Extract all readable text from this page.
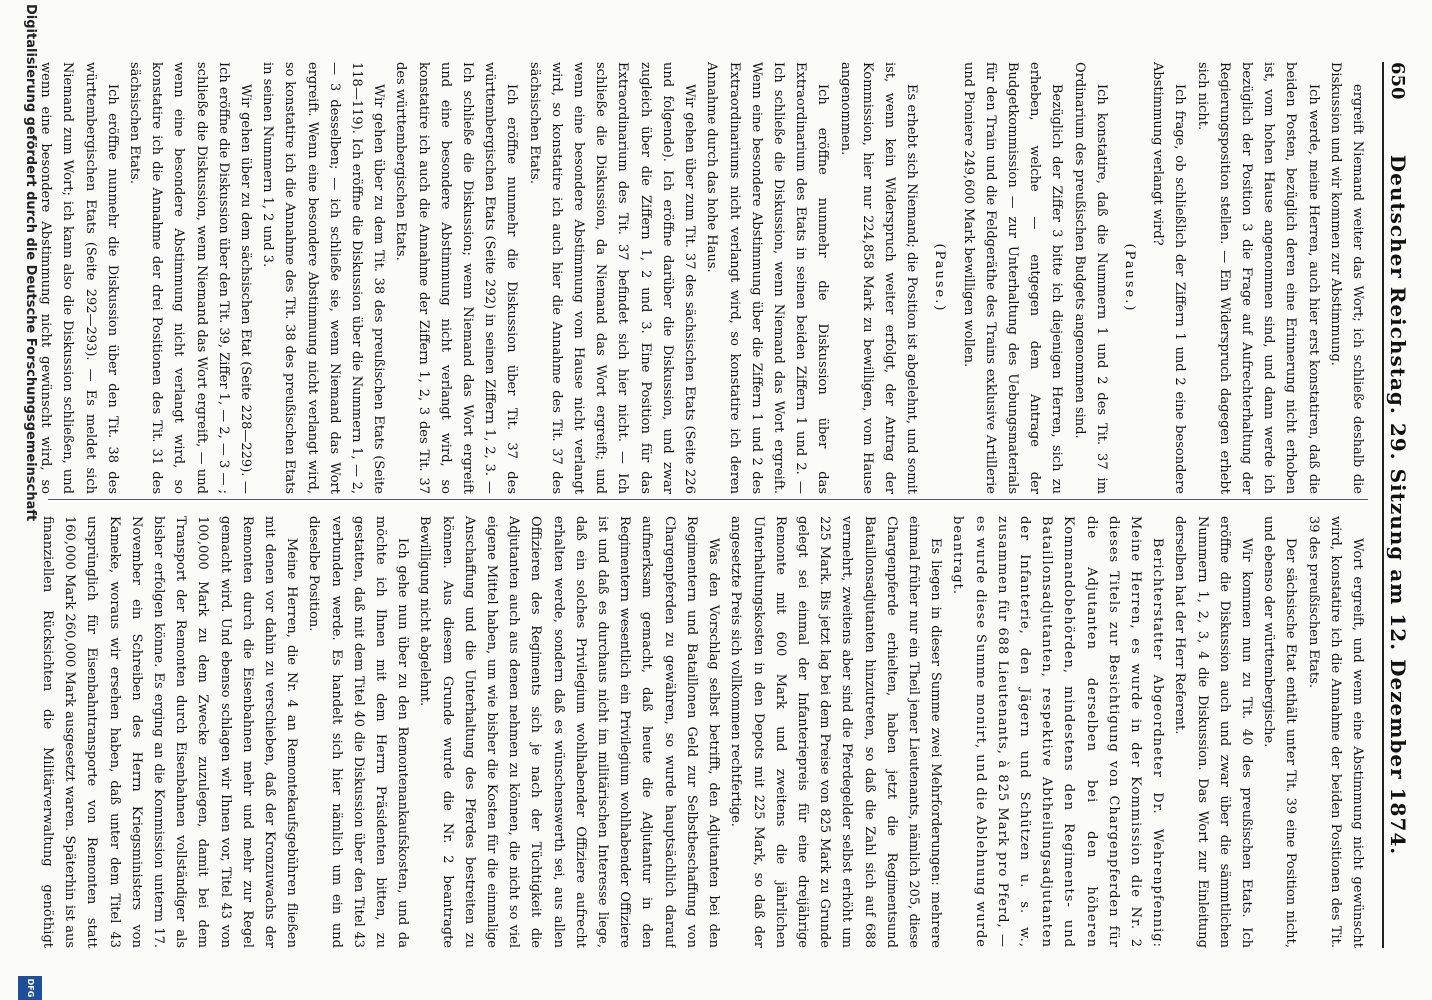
650
Deutscher Reichstag. 29. Sitzung am 12. Dezember 1874.

ergreift Niemand weiter das Wort; ich schließe deshalb die Diskussion und wir kommen zur Abstimmung.

Ich werde, meine Herren, auch hier erst konstatiren, daß die beiden Posten, bezüglich deren eine Erinnerung nicht erhoben ist, vom hohen Hause angenommen sind, und dann werde ich bezüglich der Position 3 die Frage auf Aufrechterhaltung der Regierungsposition stellen. — Ein Widerspruch dagegen erhebt sich nicht.

Ich frage, ob schließlich der Ziffern 1 und 2 eine besondere Abstimmung verlangt wird?

(Pause.)

Ich konstatire, daß die Nummern 1 und 2 des Tit. 37 im Ordinarium des preußischen Budgets angenommen sind.

Bezüglich der Ziffer 3 bitte ich diejenigen Herren, sich zu erheben, welche — entgegen dem Antrage der Budgetkommission — zur Unterhaltung des Uebungsmaterials für den Train und die Feldgeräthe des Trains exklusive Artillerie und Pioniere 249,600 Mark bewilligen wollen.

(Pause.)

Es erhebt sich Niemand; die Position ist abgelehnt, und somit ist, wenn kein Widerspruch weiter erfolgt, der Antrag der Kommission, hier nur 224,858 Mark zu bewilligen, vom Hause angenommen.

Ich eröffne nunmehr die Diskussion über das Extraordinarium des Etats in seinen beiden Ziffern 1 und 2. — Ich schließe die Diskussion, wenn Niemand das Wort ergreift. Wenn eine besondere Abstimmung über die Ziffern 1 und 2 des Extraordinariums nicht verlangt wird, so konstatire ich deren Annahme durch das hohe Haus.

Wir gehen über zum Tit. 37 des sächsischen Etats (Seite 226 und folgende). Ich eröffne darüber die Diskussion, und zwar zugleich über die Ziffern 1, 2 und 3. Eine Position für das Extraordinarium des Tit. 37 befindet sich hier nicht. — Ich schließe die Diskussion, da Niemand das Wort ergreift; und wenn eine besondere Abstimmung vom Hause nicht verlangt wird, so konstatire ich auch hier die Annahme des Tit. 37 des sächsischen Etats.

Ich eröffne nunmehr die Diskussion über Tit. 37 des württembergischen Etats (Seite 292) in seinen Ziffern 1, 2, 3. — Ich schließe die Diskussion; wenn Niemand das Wort ergreift und eine besondere Abstimmung nicht verlangt wird, so konstatire ich auch die Annahme der Ziffern 1, 2, 3 des Tit. 37 des württembergischen Etats.

Wir gehen über zu dem Tit. 38 des preußischen Etats (Seite 118—119). Ich eröffne die Diskussion über die Nummern 1, — 2, — 3 desselben; — ich schließe sie, wenn Niemand das Wort ergreift. Wenn eine besondere Abstimmung nicht verlangt wird, so konstatire ich die Annahme des Tit. 38 des preußischen Etats in seinen Nummern 1, 2 und 3.

Wir gehen über zu dem sächsischen Etat (Seite 228—229). — Ich eröffne die Diskussion über den Tit. 39, Ziffer 1, — 2, — 3 — ; schließe die Diskussion, wenn Niemand das Wort ergreift, — und wenn eine besondere Abstimmung nicht verlangt wird, so konstatire ich die Annahme der drei Positionen des Tit. 31 des sächsischen Etats.

Ich eröffne nunmehr die Diskussion über den Tit. 38 des württembergischen Etats (Seite 292—293). — Es meldet sich Niemand zum Wort; ich kann also die Diskussion schließen, und wenn eine besondere Abstimmung nicht gewünscht wird, so

Wort ergreift, und wenn eine Abstimmung nicht gewünscht wird, konstatire ich die Annahme der beiden Positionen des Tit. 39 des preußischen Etats.

Der sächsische Etat enthält unter Tit. 39 eine Position nicht, und ebenso der württembergische.

Wir kommen nun zu Tit. 40 des preußischen Etats. Ich eröffne die Diskussion auch und zwar über die sämmtlichen Nummern 1, 2, 3, 4 die Diskussion. Das Wort zur Einleitung derselben hat der Herr Referent.

Berichterstatter Abgeordneter Dr. Wehrenpfennig: Meine Herren, es wurde in der Kommission die Nr. 2 dieses Titels zur Besichtigung von Chargenpferden für die Adjutanten derselben bei den höheren Kommandobehörden, mindestens den Regiments- und Bataillonsadjutanten, respektive Abtheilungsadjutanten der Infanterie, den Jägern und Schützen u. s. w., zusammen für 688 Lieutenants, à 825 Mark pro Pferd, — es wurde diese Summe monirt, und die Ablehnung wurde beantragt.

Es liegen in dieser Summe zwei Mehrforderungen: mehrere einmal früher nur ein Theil jener Lieutenants, nämlich 205, diese Chargenpferde erhielten, haben jetzt die Regimentsund Bataillonsadjutanten hinzutreten, so daß die Zahl sich auf 688 vermehrt, zweitens aber sind die Pferdegelder selbst erhöht um 225 Mark. Bis jetzt lag bei dem Preise von 825 Mark zu Grunde gelegt sei einmal der Infanteriepreis für eine dreijährige Remonte mit 600 Mark und zweitens die jährlichen Unterhaltungskosten in den Depots mit 225 Mark, so daß der angesetzte Preis sich vollkommen rechtfertige.

Was den Vorschlag selbst betrifft, den Adjutanten bei den Regimentern und Bataillonen Geld zur Selbstbeschaffung von Chargenpferden zu gewähren, so wurde hauptsächlich darauf aufmerksam gemacht, daß heute die Adjutantur in den Regimentern wesentlich ein Privilegium wohlhabender Offiziere ist und daß es durchaus nicht im militärischen Interesse liege, daß ein solches Privilegium wohlhabender Offiziere aufrecht erhalten werde, sondern daß es wünschenswerth sei, aus allen Offizieren des Regiments sich je nach der Tüchtigkeit die Adjutanten auch aus denen nehmen zu können, die nicht so viel eigene Mittel haben, um wie bisher die Kosten für die einmalige Anschaffung und die Unterhaltung des Pferdes bestreiten zu können. Aus diesem Grunde wurde die Nr. 2 beantragte Bewilligung nicht abgelehnt.

Ich gehe nun über zu den Remontenankaufskosten, und da möchte ich Ihnen mit dem Herrn Präsidenten bitten, zu gestatten, daß mit dem Titel 40 die Diskussion über den Titel 43 verbunden werde. Es handelt sich hier nämlich um ein und dieselbe Position.

Meine Herren, die Nr. 4 an Remontekaufsgebühren fließen mit denen vor dahin zu verschieben, daß der Kronzuwachs der Remonten durch die Eisenbahnen mehr und mehr zur Regel gemacht wird. Und ebenso schlagen wir Ihnen vor, Titel 43 von 100,000 Mark zu dem Zwecke zuzulegen, damit bei dem Transport der Remonten durch Eisenbahnen vollständiger als bisher erfolgen könne. Es erging an die Kommission unterm 17. November ein Schreiben des Herrn Kriegsministers von Kameke, woraus wir ersehen haben, daß unter dem Titel 43 ursprünglich für Eisenbahntransporte von Remonten statt 160,000 Mark 260,000 Mark ausgesetzt waren. Späterhin ist aus finanziellen Rücksichten die Militärverwaltung genöthigt

Digitalisierung gefördert durch die Deutsche Forschungsgemeinschaft
DFG
